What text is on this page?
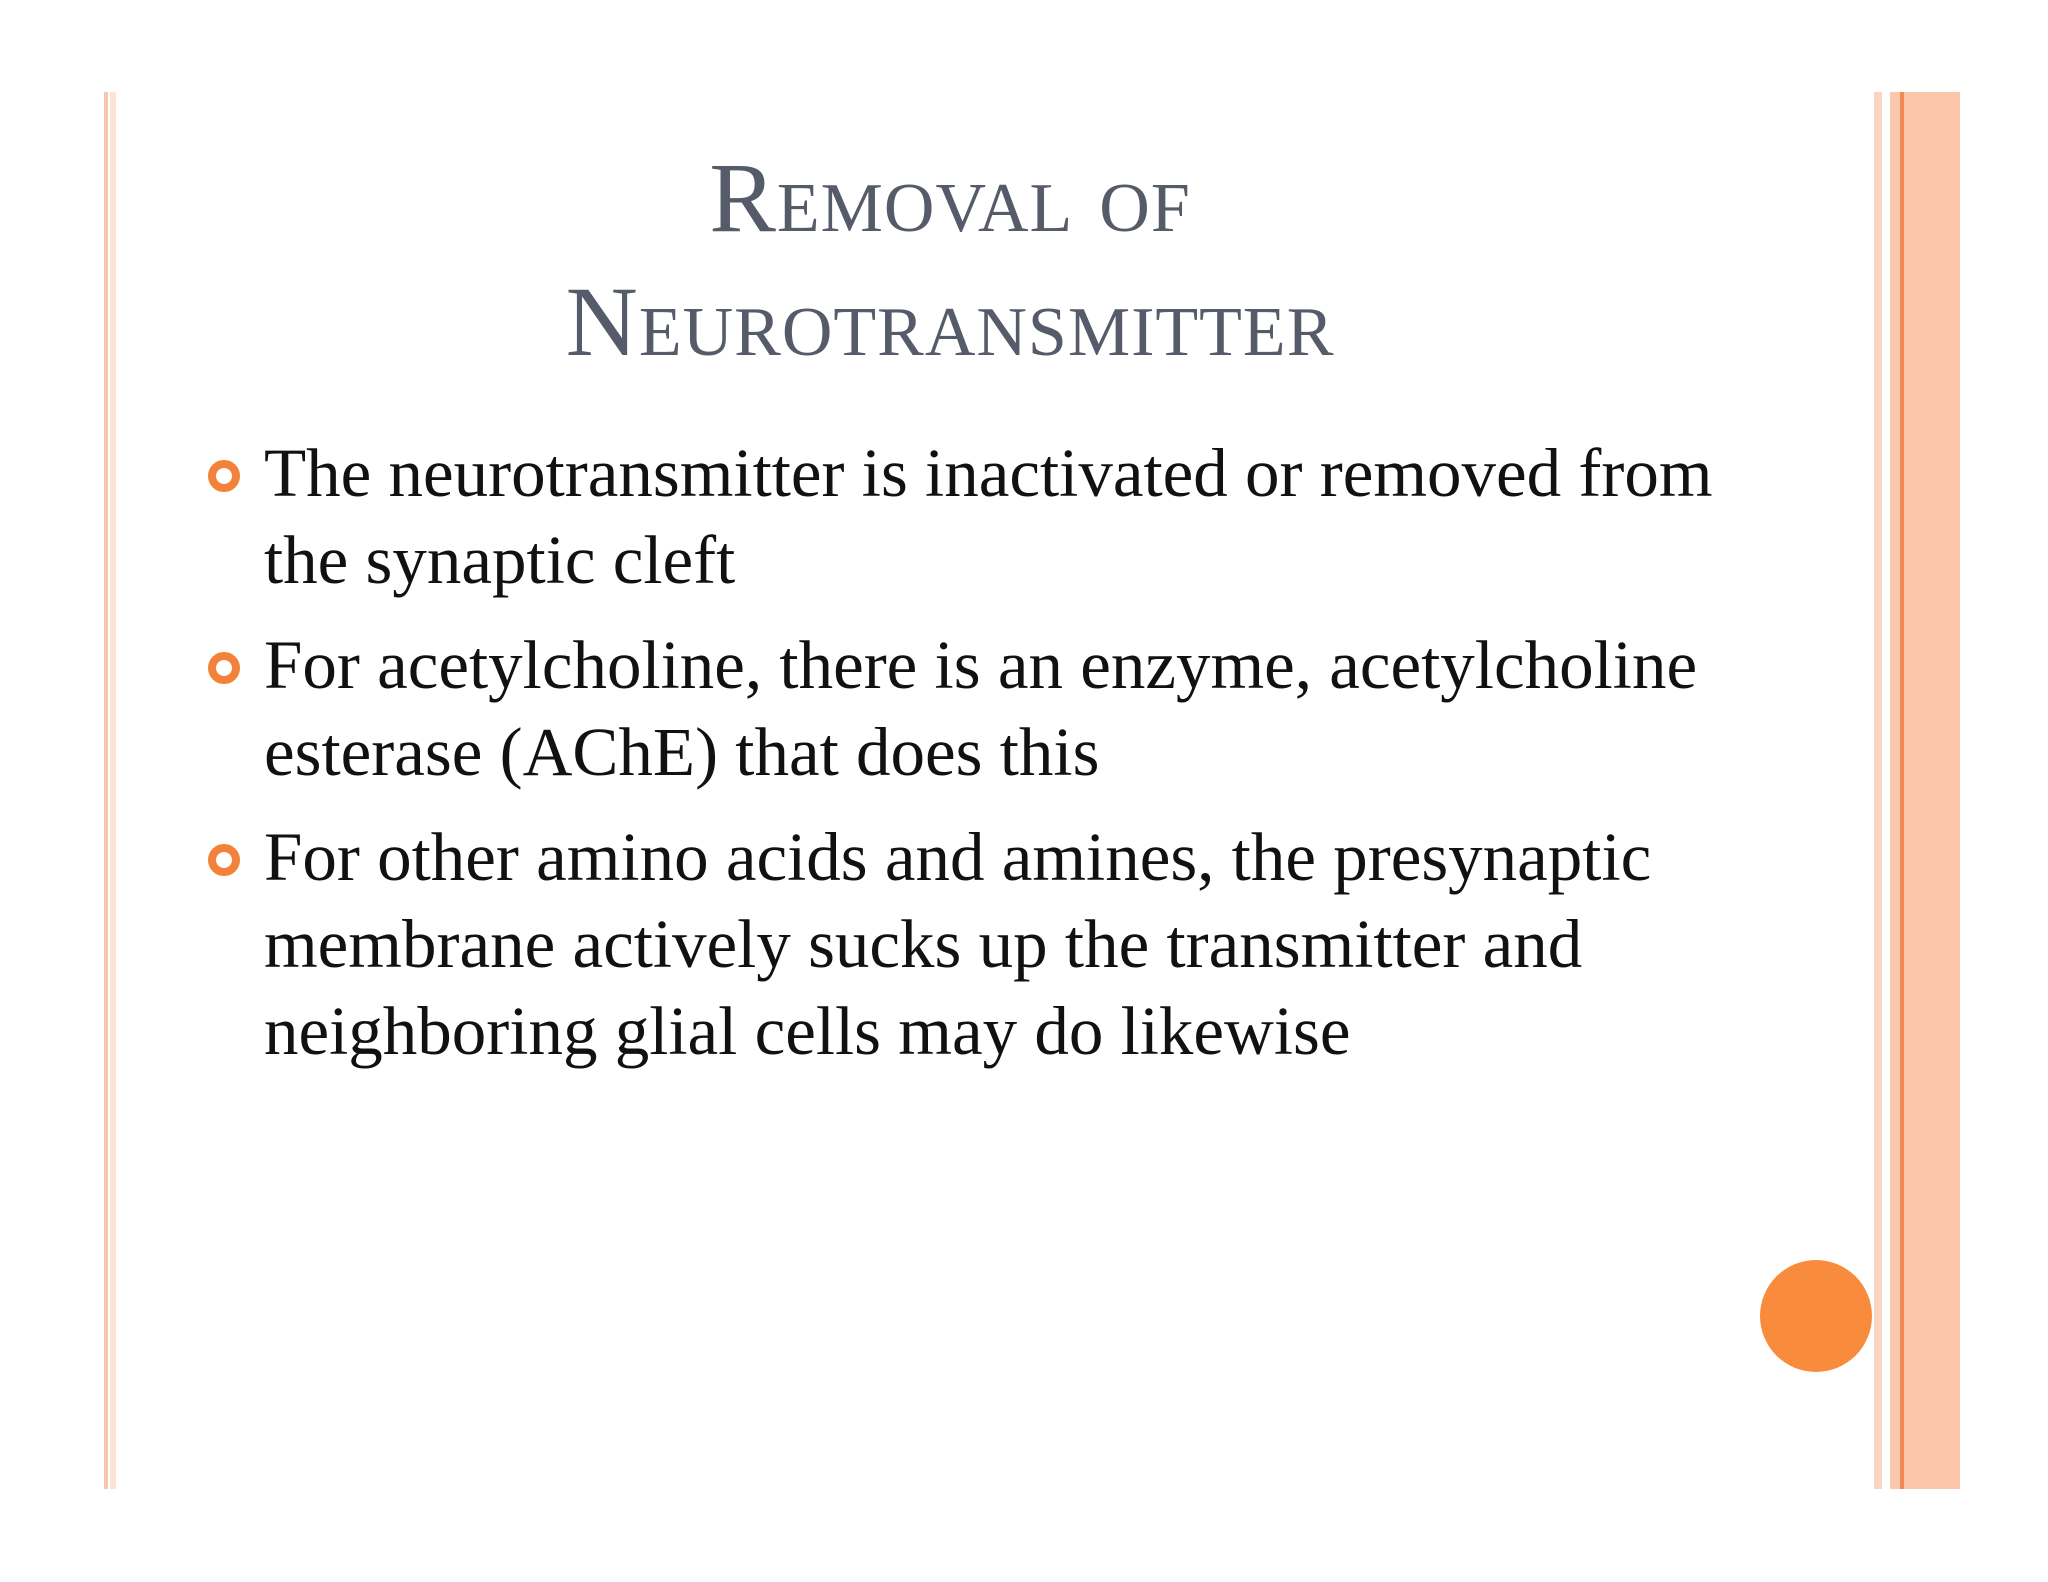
Removal of
Neurotransmitter
The neurotransmitter is inactivated or removed from the synaptic cleft
For acetylcholine, there is an enzyme, acetylcholine esterase (AChE) that does this
For other amino acids and amines, the presynaptic membrane actively sucks up the transmitter and neighboring glial cells may do likewise
